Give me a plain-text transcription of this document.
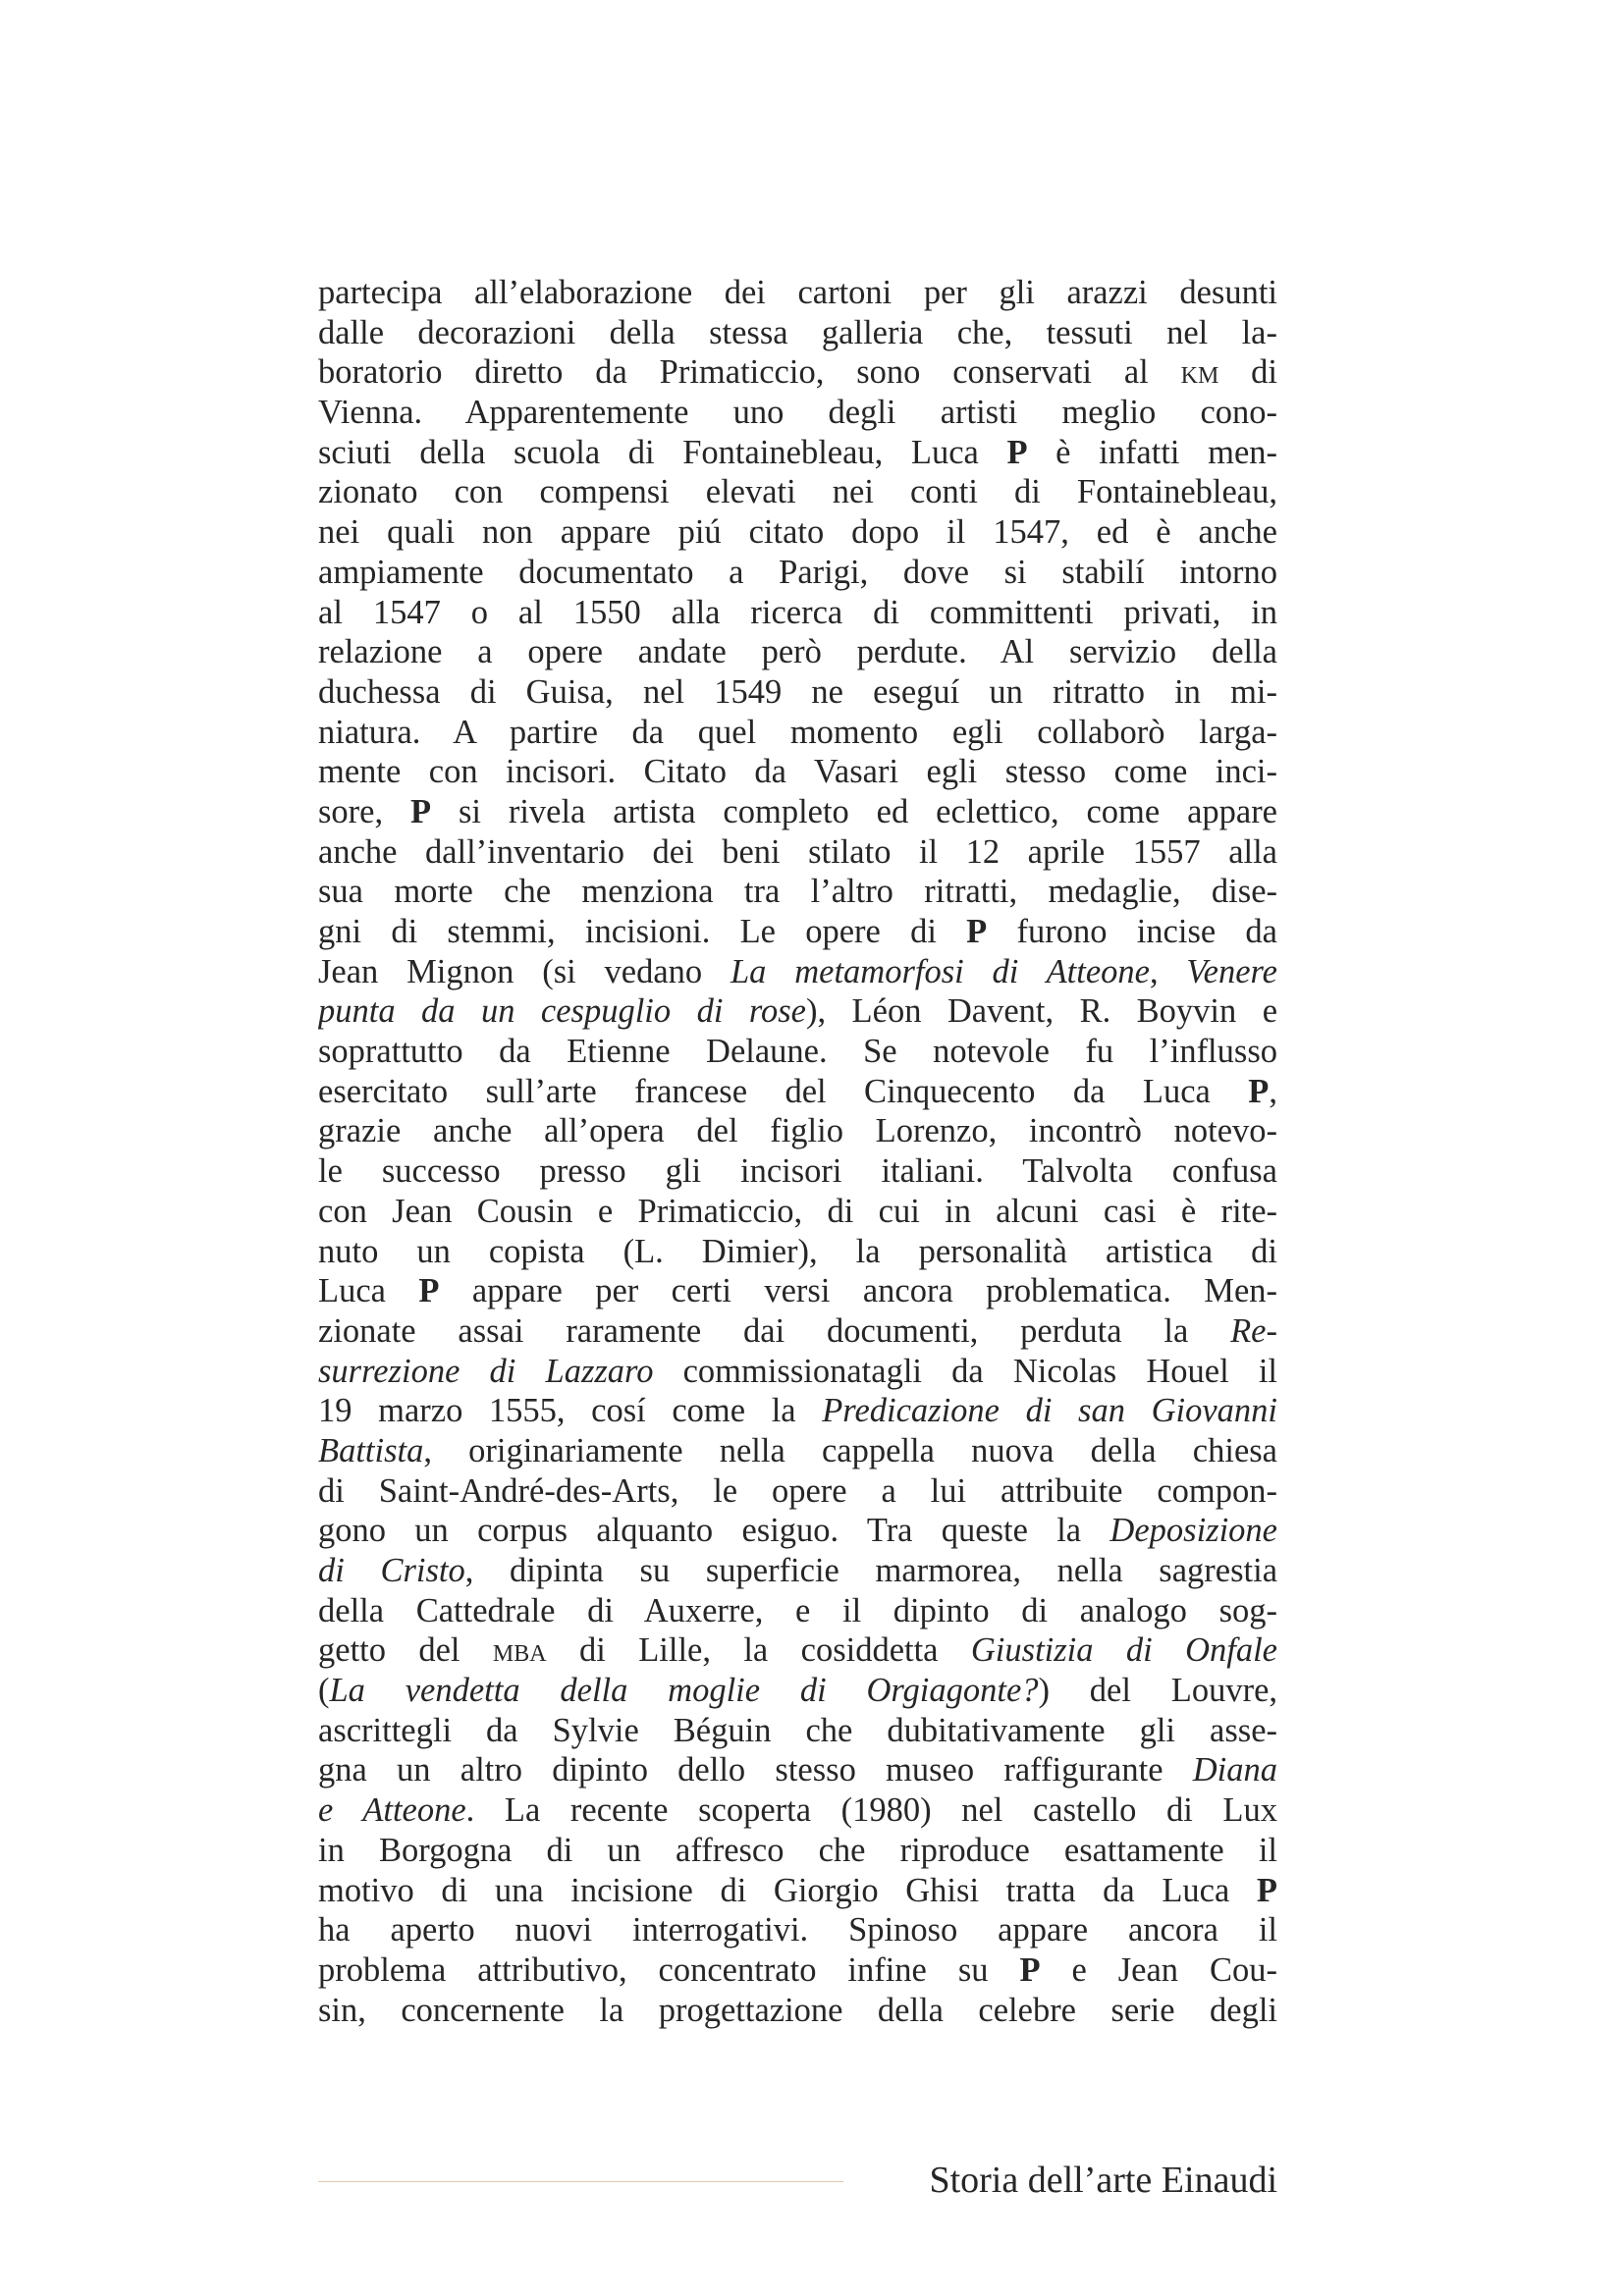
partecipa all’elaborazione dei cartoni per gli arazzi desunti
dalle decorazioni della stessa galleria che, tessuti nel la-
boratorio diretto da Primaticcio, sono conservati al km di
Vienna. Apparentemente uno degli artisti meglio cono-
sciuti della scuola di Fontainebleau, Luca P è infatti men-
zionato con compensi elevati nei conti di Fontainebleau,
nei quali non appare piú citato dopo il 1547, ed è anche
ampiamente documentato a Parigi, dove si stabilí intorno
al 1547 o al 1550 alla ricerca di committenti privati, in
relazione a opere andate però perdute. Al servizio della
duchessa di Guisa, nel 1549 ne eseguí un ritratto in mi-
niatura. A partire da quel momento egli collaborò larga-
mente con incisori. Citato da Vasari egli stesso come inci-
sore, P si rivela artista completo ed eclettico, come appare
anche dall’inventario dei beni stilato il 12 aprile 1557 alla
sua morte che menziona tra l’altro ritratti, medaglie, dise-
gni di stemmi, incisioni. Le opere di P furono incise da
Jean Mignon (si vedano La metamorfosi di Atteone, Venere
punta da un cespuglio di rose), Léon Davent, R. Boyvin e
soprattutto da Etienne Delaune. Se notevole fu l’influsso
esercitato sull’arte francese del Cinquecento da Luca P,
grazie anche all’opera del figlio Lorenzo, incontrò notevo-
le successo presso gli incisori italiani. Talvolta confusa
con Jean Cousin e Primaticcio, di cui in alcuni casi è rite-
nuto un copista (L. Dimier), la personalità artistica di
Luca P appare per certi versi ancora problematica. Men-
zionate assai raramente dai documenti, perduta la Re-
surrezione di Lazzaro commissionatagli da Nicolas Houel il
19 marzo 1555, cosí come la Predicazione di san Giovanni
Battista, originariamente nella cappella nuova della chiesa
di Saint-André-des-Arts, le opere a lui attribuite compon-
gono un corpus alquanto esiguo. Tra queste la Deposizione
di Cristo, dipinta su superficie marmorea, nella sagrestia
della Cattedrale di Auxerre, e il dipinto di analogo sog-
getto del mba di Lille, la cosiddetta Giustizia di Onfale
(La vendetta della moglie di Orgiagonte?) del Louvre,
ascrittegli da Sylvie Béguin che dubitativamente gli asse-
gna un altro dipinto dello stesso museo raffigurante Diana
e Atteone. La recente scoperta (1980) nel castello di Lux
in Borgogna di un affresco che riproduce esattamente il
motivo di una incisione di Giorgio Ghisi tratta da Luca P
ha aperto nuovi interrogativi. Spinoso appare ancora il
problema attributivo, concentrato infine su P e Jean Cou-
sin, concernente la progettazione della celebre serie degli
Storia dell’arte Einaudi
